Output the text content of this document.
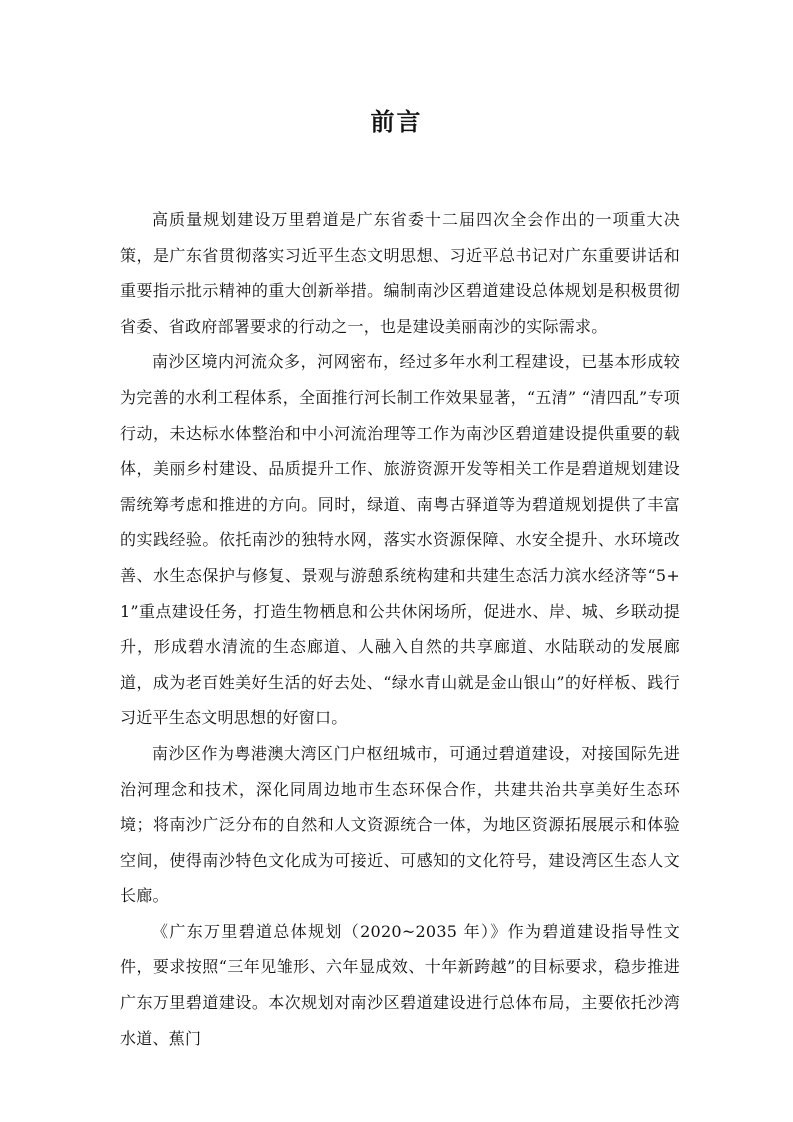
前言

高质量规划建设万里碧道是广东省委十二届四次全会作出的一项重大决策，是广东省贯彻落实习近平生态文明思想、习近平总书记对广东重要讲话和重要指示批示精神的重大创新举措。编制南沙区碧道建设总体规划是积极贯彻省委、省政府部署要求的行动之一，也是建设美丽南沙的实际需求。

南沙区境内河流众多，河网密布，经过多年水利工程建设，已基本形成较为完善的水利工程体系，全面推行河长制工作效果显著，“五清” “清四乱”专项行动，未达标水体整治和中小河流治理等工作为南沙区碧道建设提供重要的载体，美丽乡村建设、品质提升工作、旅游资源开发等相关工作是碧道规划建设需统筹考虑和推进的方向。同时，绿道、南粤古驿道等为碧道规划提供了丰富的实践经验。依托南沙的独特水网，落实水资源保障、水安全提升、水环境改善、水生态保护与修复、景观与游憩系统构建和共建生态活力滨水经济等“5+1”重点建设任务，打造生物栖息和公共休闲场所，促进水、岸、城、乡联动提升，形成碧水清流的生态廊道、人融入自然的共享廊道、水陆联动的发展廊道，成为老百姓美好生活的好去处、“绿水青山就是金山银山”的好样板、践行习近平生态文明思想的好窗口。

南沙区作为粤港澳大湾区门户枢纽城市，可通过碧道建设，对接国际先进治河理念和技术，深化同周边地市生态环保合作，共建共治共享美好生态环境；将南沙广泛分布的自然和人文资源统合一体，为地区资源拓展展示和体验空间，使得南沙特色文化成为可接近、可感知的文化符号，建设湾区生态人文长廊。

《广东万里碧道总体规划（2020~2035 年）》作为碧道建设指导性文件，要求按照“三年见雏形、六年显成效、十年新跨越”的目标要求，稳步推进广东万里碧道建设。本次规划对南沙区碧道建设进行总体布局，主要依托沙湾水道、蕉门
